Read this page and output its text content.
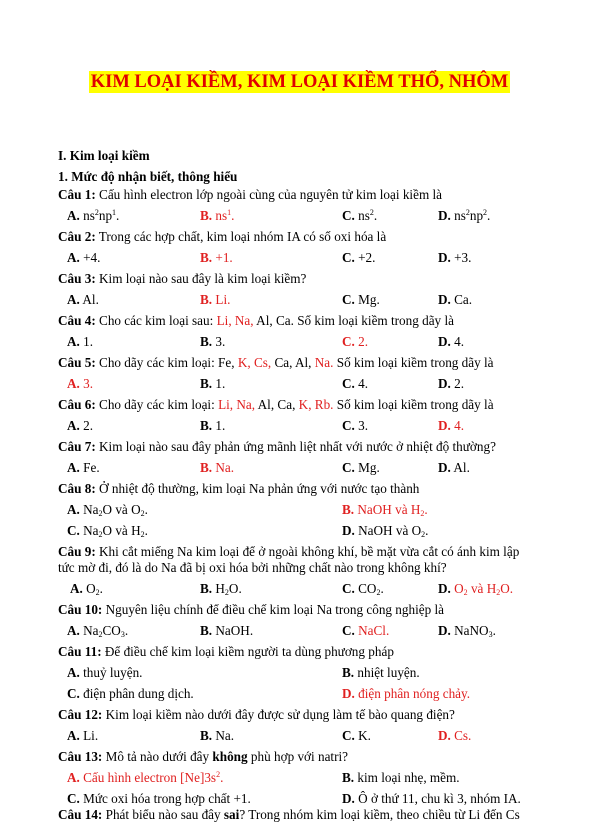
KIM LOẠI KIỀM, KIM LOẠI KIỀM THỔ, NHÔM
I. Kim loại kiềm
1. Mức độ nhận biết, thông hiểu
Câu 1: Cấu hình electron lớp ngoài cùng của nguyên tử kim loại kiềm là
A. $ns^2np^1$.	B. $ns^1$.	C. $ns^2$.	D. $ns^2np^2$.
Câu 2: Trong các hợp chất, kim loại nhóm IA có số oxi hóa là
A. +4.	B. +1.	C. +2.	D. +3.
Câu 3: Kim loại nào sau đây là kim loại kiềm?
A. Al.	B. Li.	C. Mg.	D. Ca.
Câu 4: Cho các kim loại sau: Li, Na, Al, Ca. Số kim loại kiềm trong dãy là
A. 1.	B. 3.	C. 2.	D. 4.
Câu 5: Cho dãy các kim loại: Fe, K, Cs, Ca, Al, Na. Số kim loại kiềm trong dãy là
A. 3.	B. 1.	C. 4.	D. 2.
Câu 6: Cho dãy các kim loại: Li, Na, Al, Ca, K, Rb. Số kim loại kiềm trong dãy là
A. 2.	B. 1.	C. 3.	D. 4.
Câu 7: Kim loại nào sau đây phản ứng mãnh liệt nhất với nước ở nhiệt độ thường?
A. Fe.	B. Na.	C. Mg.	D. Al.
Câu 8: Ở nhiệt độ thường, kim loại Na phản ứng với nước tạo thành
A. $Na_2O$ và $O_2$.	B. NaOH và $H_2$.
C. $Na_2O$ và $H_2$.	D. NaOH và $O_2$.
Câu 9: Khi cắt miếng Na kim loại để ở ngoài không khí, bề mặt vừa cắt có ánh kim lập
tức mờ đi, đó là do Na đã bị oxi hóa bởi những chất nào trong không khí?
A. $O_2$.	B. $H_2O$.	C. $CO_2$.	D. $O_2$ và $H_2O$.
Câu 10: Nguyên liệu chính để điều chế kim loại Na trong công nghiệp là
A. $Na_2CO_3$.	B. NaOH.	C. NaCl.	D. NaNO$_3$.
Câu 11: Để điều chế kim loại kiềm người ta dùng phương pháp
A. thuỷ luyện.	B. nhiệt luyện.
C. điện phân dung dịch.	D. điện phân nóng chảy.
Câu 12: Kim loại kiềm nào dưới đây được sử dụng làm tế bào quang điện?
A. Li.	B. Na.	C. K.	D. Cs.
Câu 13: Mô tả nào dưới đây không phù hợp với natri?
A. Cấu hình electron $[Ne]3s^2$.	B. kim loại nhẹ, mềm.
C. Mức oxi hóa trong hợp chất +1.	D. Ô ở thứ 11, chu kì 3, nhóm IA.
Câu 14: Phát biểu nào sau đây sai? Trong nhóm kim loại kiềm, theo chiều từ Li đến Cs
